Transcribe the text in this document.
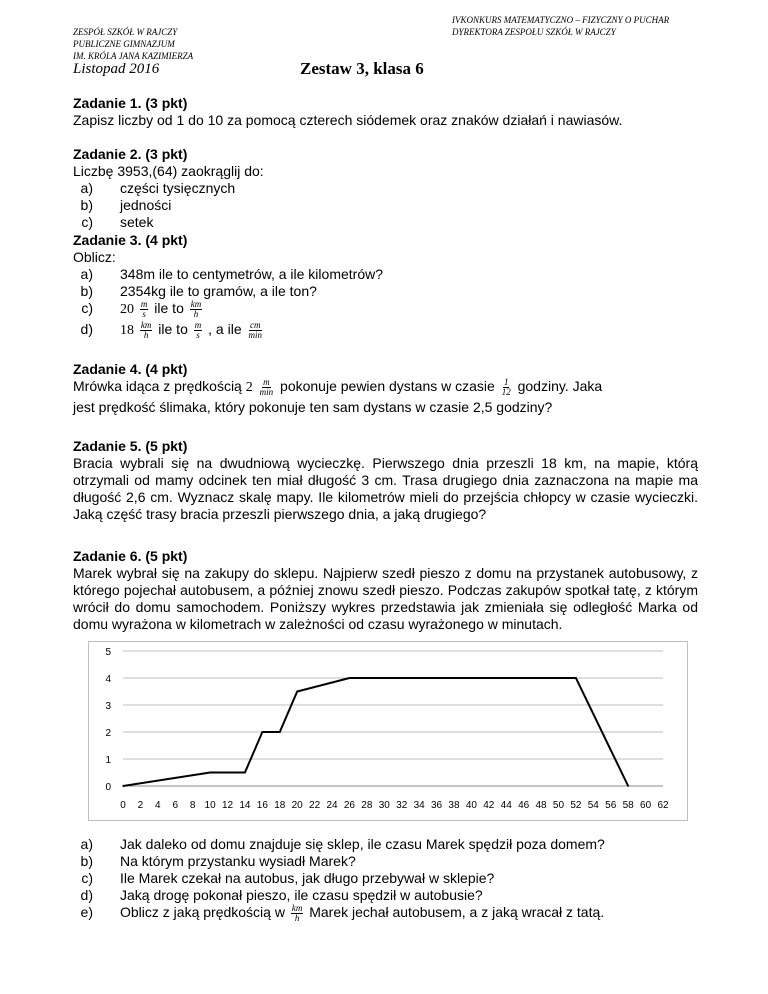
ZESPÓŁ SZKÓŁ W RAJCZY
PUBLICZNE GIMNAZJUM
IM. KRÓLA JANA KAZIMIERZA
IVKONKURS MATEMATYCZNO – FIZYCZNY O PUCHAR
DYREKTORA ZESPOŁU SZKÓŁ W RAJCZY
Listopad 2016	Zestaw 3, klasa 6
Zadanie 1. (3 pkt)
Zapisz liczby od 1 do 10 za pomocą czterech siódemek oraz znaków działań i nawiasów.
Zadanie 2. (3 pkt)
Liczbę 3953,(64) zaokrąglij do:
a) części tysięcznych
b) jedności
c) setek
Zadanie 3. (4 pkt)
Oblicz:
a) 348m ile to centymetrów, a ile kilometrów?
b) 2354kg ile to gramów, a ile ton?
c) $20 \frac{m}{s}$ ile to $\frac{km}{h}$
d) $18 \frac{km}{h}$ ile to $\frac{m}{s}$ , a ile $\frac{cm}{\min}$
Zadanie 4. (4 pkt)
Mrówka idąca z prędkością $2 \frac{m}{\min}$ pokonuje pewien dystans w czasie $\frac{1}{12}$ godziny. Jaka
jest prędkość ślimaka, który pokonuje ten sam dystans w czasie 2,5 godziny?
Zadanie 5. (5 pkt)
Bracia wybrali się na dwudniową wycieczkę. Pierwszego dnia przeszli 18 km, na mapie, którą otrzymali od mamy odcinek ten miał długość 3 cm. Trasa drugiego dnia zaznaczona na mapie ma długość 2,6 cm. Wyznacz skalę mapy. Ile kilometrów mieli do przejścia chłopcy w czasie wycieczki. Jaką część trasy bracia przeszli pierwszego dnia, a jaką drugiego?
Zadanie 6. (5 pkt)
Marek wybrał się na zakupy do sklepu. Najpierw szedł pieszo z domu na przystanek autobusowy, z którego pojechał autobusem, a później znowu szedł pieszo. Podczas zakupów spotkał tatę, z którym wrócił do domu samochodem. Poniższy wykres przedstawia jak zmieniała się odległość Marka od domu wyrażona w kilometrach w zależności od czasu wyrażonego w minutach.
0
1
2
3
4
5
0 2 4 6 8 10 12 14 16 18 20 22 24 26 28 30 32 34 36 38 40 42 44 46 48 50 52 54 56 58 60 62
a) Jak daleko od domu znajduje się sklep, ile czasu Marek spędził poza domem?
b) Na którym przystanku wysiadł Marek?
c) Ile Marek czekał na autobus, jak długo przebywał w sklepie?
d) Jaką drogę pokonał pieszo, ile czasu spędził w autobusie?
e) Oblicz z jaką prędkością w $\frac{km}{h}$ Marek jechał autobusem, a z jaką wracał z tatą.
